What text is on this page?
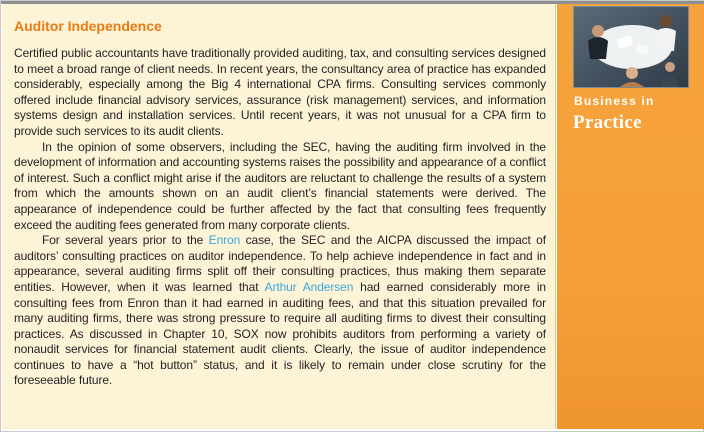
Auditor Independence

Certified public accountants have traditionally provided auditing, tax, and consulting services designed to meet a broad range of client needs. In recent years, the consultancy area of practice has expanded considerably, especially among the Big 4 international CPA firms. Consulting services commonly offered include financial advisory services, assurance (risk management) services, and information systems design and installation services. Until recent years, it was not unusual for a CPA firm to provide such services to its audit clients.

In the opinion of some observers, including the SEC, having the auditing firm involved in the development of information and accounting systems raises the possibility and appearance of a conflict of interest. Such a conflict might arise if the auditors are reluctant to challenge the results of a system from which the amounts shown on an audit client’s financial statements were derived. The appearance of independence could be further affected by the fact that consulting fees frequently exceed the auditing fees generated from many corporate clients.

For several years prior to the Enron case, the SEC and the AICPA discussed the impact of auditors’ consulting practices on auditor independence. To help achieve independence in fact and in appearance, several auditing firms split off their consulting practices, thus making them separate entities. However, when it was learned that Arthur Andersen had earned considerably more in consulting fees from Enron than it had earned in auditing fees, and that this situation prevailed for many auditing firms, there was strong pressure to require all auditing firms to divest their consulting practices. As discussed in Chapter 10, SOX now prohibits auditors from performing a variety of nonaudit services for financial statement audit clients. Clearly, the issue of auditor independence continues to have a “hot button” status, and it is likely to remain under close scrutiny for the foreseeable future.

Business in
Practice
